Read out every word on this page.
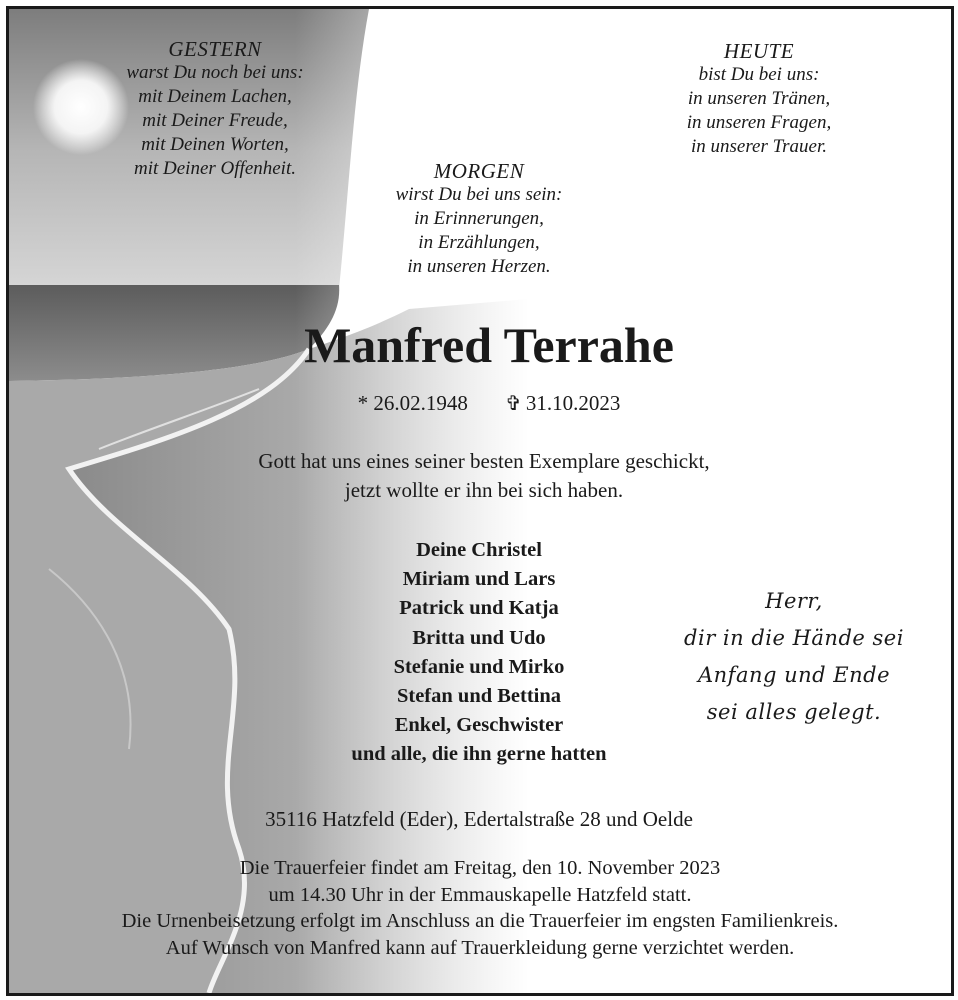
GESTERN
warst Du noch bei uns:
mit Deinem Lachen,
mit Deiner Freude,
mit Deinen Worten,
mit Deiner Offenheit.
HEUTE
bist Du bei uns:
in unseren Tränen,
in unseren Fragen,
in unserer Trauer.
MORGEN
wirst Du bei uns sein:
in Erinnerungen,
in Erzählungen,
in unseren Herzen.
Manfred Terrahe
* 26.02.1948 ✞ 31.10.2023
Gott hat uns eines seiner besten Exemplare geschickt,
jetzt wollte er ihn bei sich haben.
Deine Christel
Miriam und Lars
Patrick und Katja
Britta und Udo
Stefanie und Mirko
Stefan und Bettina
Enkel, Geschwister
und alle, die ihn gerne hatten
Herr,
dir in die Hände sei
Anfang und Ende
sei alles gelegt.
35116 Hatzfeld (Eder), Edertalstraße 28 und Oelde
Die Trauerfeier findet am Freitag, den 10. November 2023
um 14.30 Uhr in der Emmauskapelle Hatzfeld statt.
Die Urnenbeisetzung erfolgt im Anschluss an die Trauerfeier im engsten Familienkreis.
Auf Wunsch von Manfred kann auf Trauerkleidung gerne verzichtet werden.
